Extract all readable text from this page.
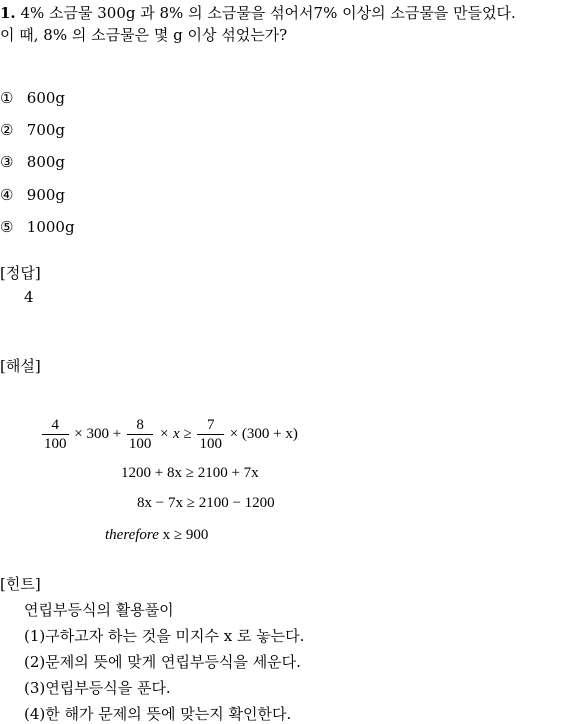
1. 4% 소금물 300g 과 8% 의 소금물을 섞어서7% 이상의 소금물을 만들었다.
이 때, 8% 의 소금물은 몇 g 이상 섞었는가?
① 600g
② 700g
③ 800g
④ 900g
⑤ 1000g
[정답]
4
[해설]
$\frac{4}{100} \times 300 + \frac{8}{100} \times x \ge \frac{7}{100} \times (300 + x)$
1200 + 8x ≥ 2100 + 7x
8x − 7x ≥ 2100 − 1200
therefore x ≥ 900
[힌트]
연립부등식의 활용풀이
(1)구하고자 하는 것을 미지수 x 로 놓는다.
(2)문제의 뜻에 맞게 연립부등식을 세운다.
(3)연립부등식을 푼다.
(4)한 해가 문제의 뜻에 맞는지 확인한다.
